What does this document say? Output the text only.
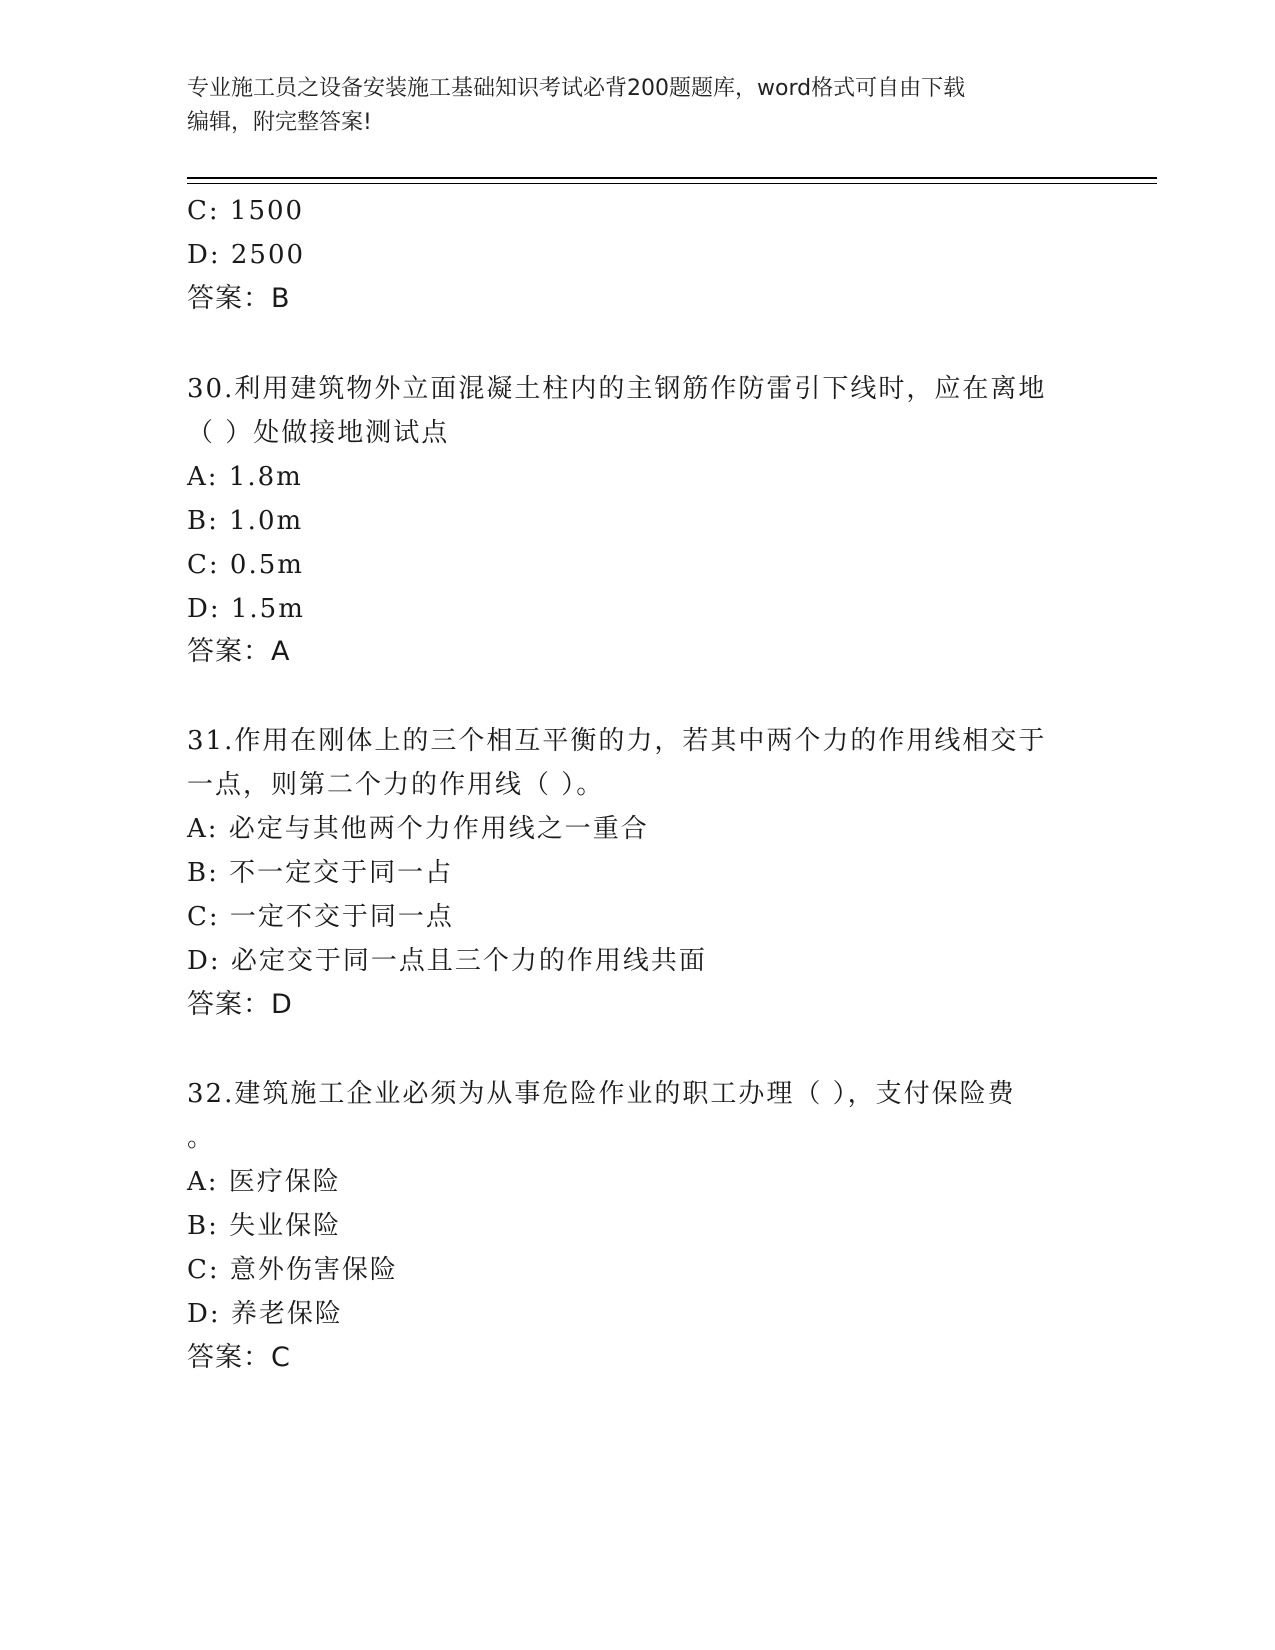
专业施工员之设备安装施工基础知识考试必背200题题库，word格式可自由下载
编辑，附完整答案!
C: 1500
D: 2500
答案：B
30.利用建筑物外立面混凝土柱内的主钢筋作防雷引下线时，应在离地
（ ）处做接地测试点
A: 1.8m
B: 1.0m
C: 0.5m
D: 1.5m
答案：A
31.作用在刚体上的三个相互平衡的力，若其中两个力的作用线相交于
一点，则第二个力的作用线（ ）。
A: 必定与其他两个力作用线之一重合
B: 不一定交于同一占
C: 一定不交于同一点
D: 必定交于同一点且三个力的作用线共面
答案：D
32.建筑施工企业必须为从事危险作业的职工办理（ ），支付保险费
。
A: 医疗保险
B: 失业保险
C: 意外伤害保险
D: 养老保险
答案：C
